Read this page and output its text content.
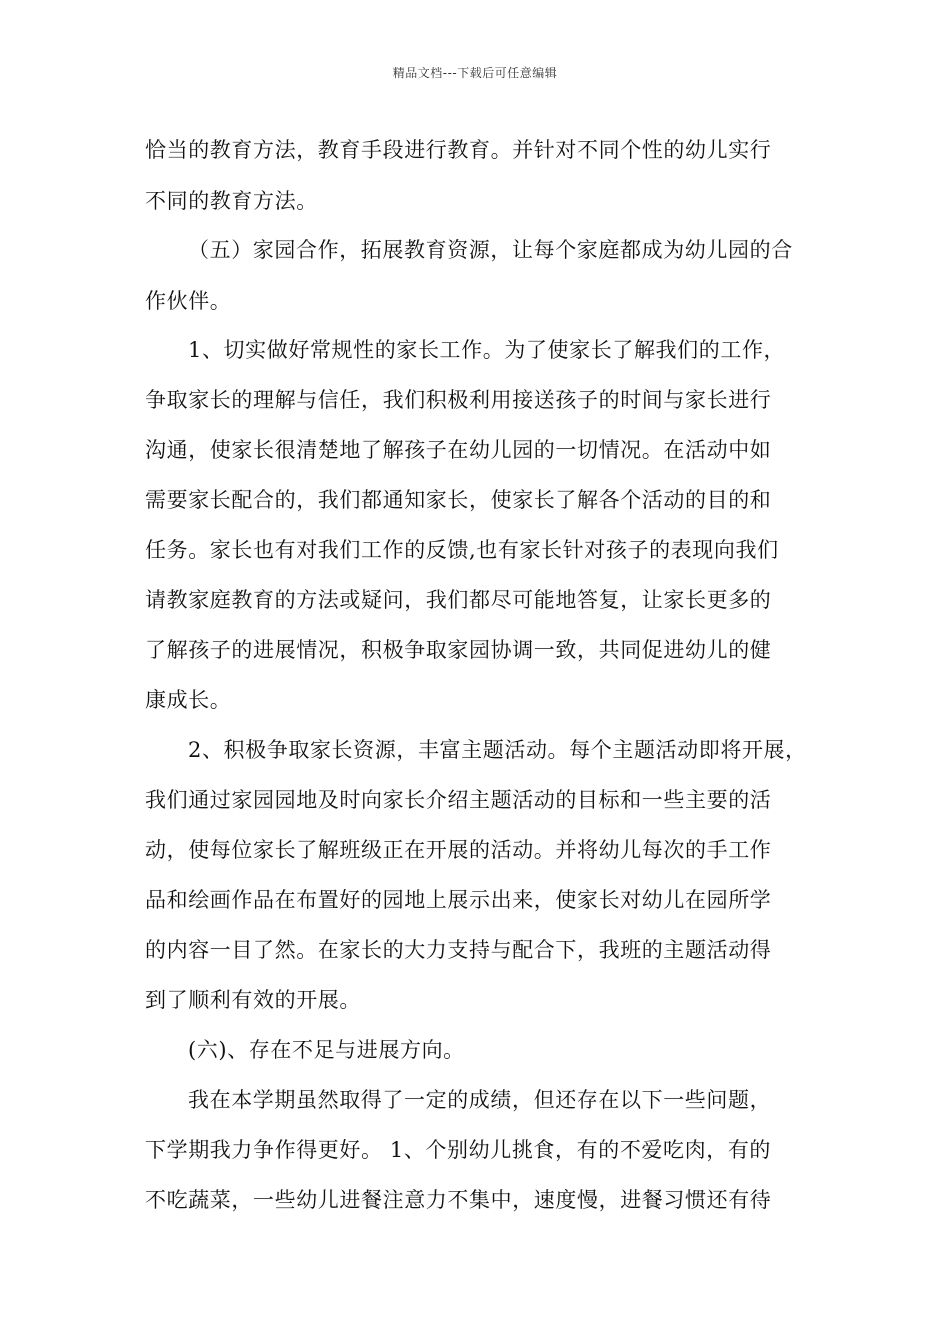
精品文档---下载后可任意编辑
恰当的教育方法，教育手段进行教育。并针对不同个性的幼儿实行
不同的教育方法。
（五）家园合作，拓展教育资源，让每个家庭都成为幼儿园的合
作伙伴。
1、切实做好常规性的家长工作。为了使家长了解我们的工作，
争取家长的理解与信任，我们积极利用接送孩子的时间与家长进行
沟通，使家长很清楚地了解孩子在幼儿园的一切情况。在活动中如
需要家长配合的，我们都通知家长，使家长了解各个活动的目的和
任务。家长也有对我们工作的反馈,也有家长针对孩子的表现向我们
请教家庭教育的方法或疑问，我们都尽可能地答复，让家长更多的
了解孩子的进展情况，积极争取家园协调一致，共同促进幼儿的健
康成长。
2、积极争取家长资源，丰富主题活动。每个主题活动即将开展，
我们通过家园园地及时向家长介绍主题活动的目标和一些主要的活
动，使每位家长了解班级正在开展的活动。并将幼儿每次的手工作
品和绘画作品在布置好的园地上展示出来，使家长对幼儿在园所学
的内容一目了然。在家长的大力支持与配合下，我班的主题活动得
到了顺利有效的开展。
(六)、存在不足与进展方向。
我在本学期虽然取得了一定的成绩，但还存在以下一些问题，
下学期我力争作得更好。 1、个别幼儿挑食，有的不爱吃肉，有的
不吃蔬菜，一些幼儿进餐注意力不集中，速度慢，进餐习惯还有待
